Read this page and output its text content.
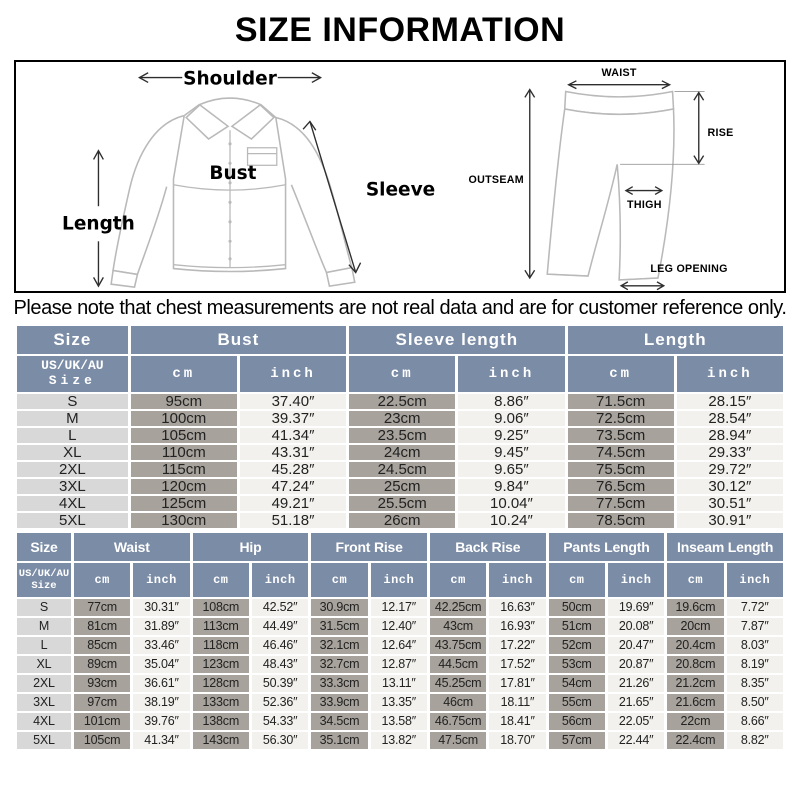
SIZE INFORMATION
Shoulder
Length
Bust
Sleeve
WAIST
RISE
OUTSEAM
THIGH
LEG OPENING
Please note that chest measurements are not real data and are for customer reference only.
Size	Bust		Sleeve length		Length	

US/UK/AU
Size	cm	inch	cm	inch	cm	inch
S	95cm	37.40″	22.5cm	8.86″	71.5cm	28.15″
M	100cm	39.37″	23cm	9.06″	72.5cm	28.54″
L	105cm	41.34″	23.5cm	9.25″	73.5cm	28.94″
XL	110cm	43.31″	24cm	9.45″	74.5cm	29.33″
2XL	115cm	45.28″	24.5cm	9.65″	75.5cm	29.72″
3XL	120cm	47.24″	25cm	9.84″	76.5cm	30.12″
4XL	125cm	49.21″	25.5cm	10.04″	77.5cm	30.51″
5XL	130cm	51.18″	26cm	10.24″	78.5cm	30.91″
Size	Waist		Hip		Front Rise		Back Rise		Pants Length		Inseam Length	

US/UK/AU
Size	cm	inch	cm	inch	cm	inch	cm	inch	cm	inch	cm	inch
S	77cm	30.31″	108cm	42.52″	30.9cm	12.17″	42.25cm	16.63″	50cm	19.69″	19.6cm	7.72″
M	81cm	31.89″	113cm	44.49″	31.5cm	12.40″	43cm	16.93″	51cm	20.08″	20cm	7.87″
L	85cm	33.46″	118cm	46.46″	32.1cm	12.64″	43.75cm	17.22″	52cm	20.47″	20.4cm	8.03″
XL	89cm	35.04″	123cm	48.43″	32.7cm	12.87″	44.5cm	17.52″	53cm	20.87″	20.8cm	8.19″
2XL	93cm	36.61″	128cm	50.39″	33.3cm	13.11″	45.25cm	17.81″	54cm	21.26″	21.2cm	8.35″
3XL	97cm	38.19″	133cm	52.36″	33.9cm	13.35″	46cm	18.11″	55cm	21.65″	21.6cm	8.50″
4XL	101cm	39.76″	138cm	54.33″	34.5cm	13.58″	46.75cm	18.41″	56cm	22.05″	22cm	8.66″
5XL	105cm	41.34″	143cm	56.30″	35.1cm	13.82″	47.5cm	18.70″	57cm	22.44″	22.4cm	8.82″
